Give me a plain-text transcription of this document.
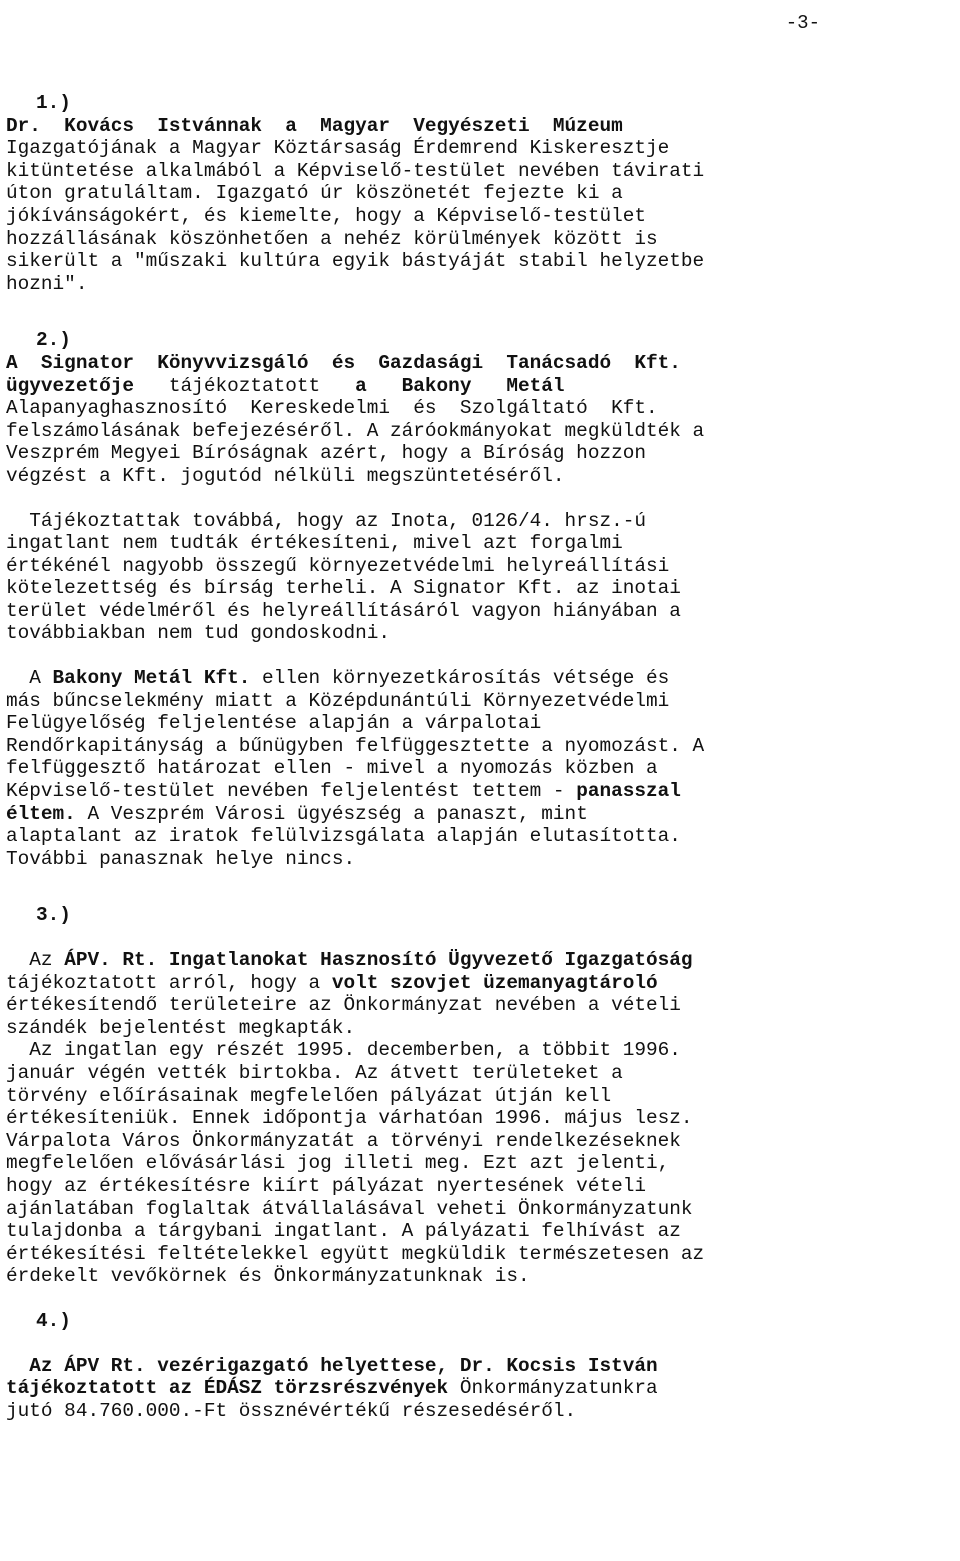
-3-
1.)
Dr.  Kovács  Istvánnak  a  Magyar  Vegyészeti  Múzeum
Igazgatójának a Magyar Köztársaság Érdemrend Kiskeresztje
kitüntetése alkalmából a Képviselő-testület nevében távirati
úton gratuláltam. Igazgató úr köszönetét fejezte ki a
jókívánságokért, és kiemelte, hogy a Képviselő-testület
hozzállásának köszönhetően a nehéz körülmények között is
sikerült a "műszaki kultúra egyik bástyáját stabil helyzetbe
hozni".
2.)
A  Signator  Könyvvizsgáló  és  Gazdasági  Tanácsadó  Kft.
ügyvezetője   tájékoztatott   a   Bakony   Metál
Alapanyaghasznosító  Kereskedelmi  és  Szolgáltató  Kft.
felszámolásának befejezéséről. A záróokmányokat megküldték a
Veszprém Megyei Bíróságnak azért, hogy a Bíróság hozzon
végzést a Kft. jogutód nélküli megszüntetéséről.
Tájékoztattak továbbá, hogy az Inota, 0126/4. hrsz.-ú
ingatlant nem tudták értékesíteni, mivel azt forgalmi
értékénél nagyobb összegű környezetvédelmi helyreállítási
kötelezettség és bírság terheli. A Signator Kft. az inotai
terület védelméről és helyreállításáról vagyon hiányában a
továbbiakban nem tud gondoskodni.
A Bakony Metál Kft. ellen környezetkárosítás vétsége és
más bűncselekmény miatt a Középdunántúli Környezetvédelmi
Felügyelőség feljelentése alapján a várpalotai
Rendőrkapitányság a bűnügyben felfüggesztette a nyomozást. A
felfüggesztő határozat ellen - mivel a nyomozás közben a
Képviselő-testület nevében feljelentést tettem - panasszal
éltem. A Veszprém Városi ügyészség a panaszt, mint
alaptalant az iratok felülvizsgálata alapján elutasította.
További panasznak helye nincs.
3.)
Az ÁPV. Rt. Ingatlanokat Hasznosító Ügyvezető Igazgatóság
tájékoztatott arról, hogy a volt szovjet üzemanyagtároló
értékesítendő területeire az Önkormányzat nevében a vételi
szándék bejelentést megkapták.
Az ingatlan egy részét 1995. decemberben, a többit 1996.
január végén vették birtokba. Az átvett területeket a
törvény előírásainak megfelelően pályázat útján kell
értékesíteniük. Ennek időpontja várhatóan 1996. május lesz.
Várpalota Város Önkormányzatát a törvényi rendelkezéseknek
megfelelően elővásárlási jog illeti meg. Ezt azt jelenti,
hogy az értékesítésre kiírt pályázat nyertesének vételi
ajánlatában foglaltak átvállalásával veheti Önkormányzatunk
tulajdonba a tárgybani ingatlant. A pályázati felhívást az
értékesítési feltételekkel együtt megküldik természetesen az
érdekelt vevőkörnek és Önkormányzatunknak is.
4.)
Az ÁPV Rt. vezérigazgató helyettese, Dr. Kocsis István
tájékoztatott az ÉDÁSZ törzsrészvények Önkormányzatunkra
jutó 84.760.000.-Ft össznévértékű részesedéséről.
